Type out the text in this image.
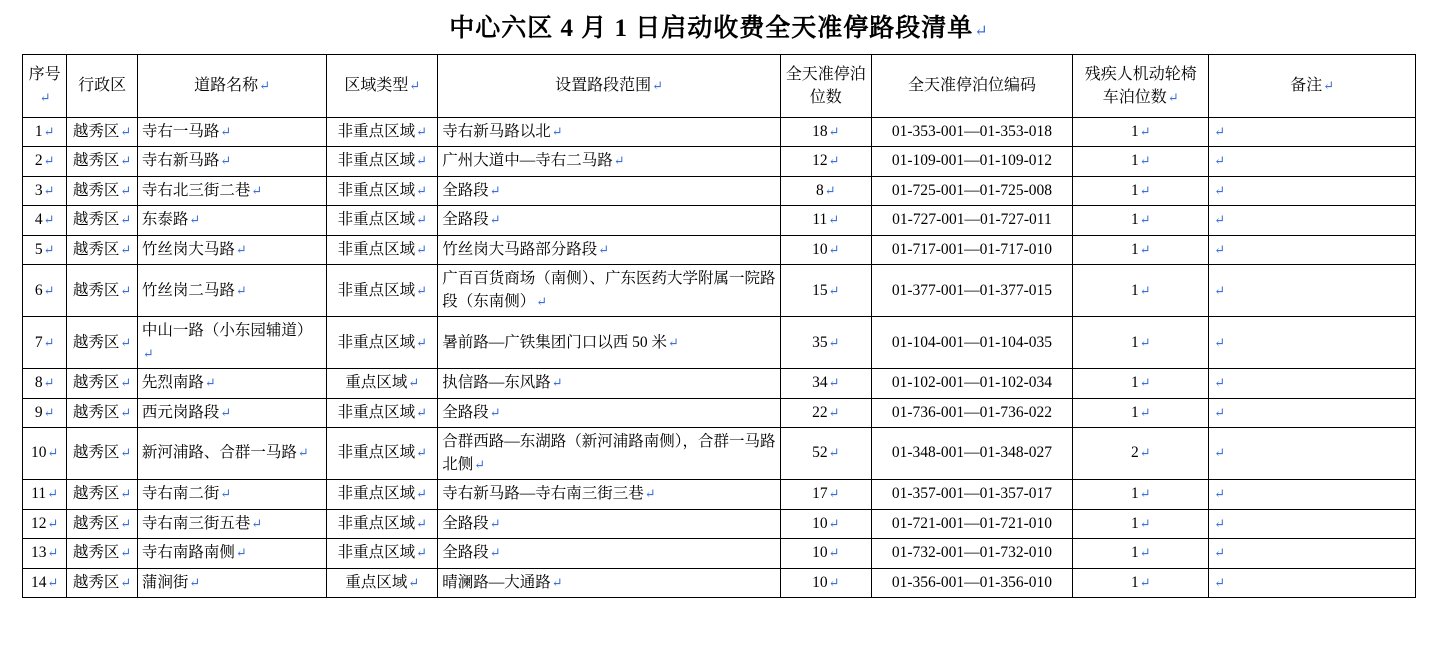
中心六区 4 月 1 日启动收费全天准停路段清单↵
序号↵	行政区	道路名称↵	区域类型↵	设置路段范围↵	全天准停泊位数	全天准停泊位编码	残疾人机动轮椅车泊位数↵	备注↵
1↵	越秀区↵	寺右一马路↵	非重点区域↵	寺右新马路以北↵	18↵	01-353-001—01-353-018	1↵	↵
2↵	越秀区↵	寺右新马路↵	非重点区域↵	广州大道中—寺右二马路↵	12↵	01-109-001—01-109-012	1↵	↵
3↵	越秀区↵	寺右北三街二巷↵	非重点区域↵	全路段↵	8↵	01-725-001—01-725-008	1↵	↵
4↵	越秀区↵	东泰路↵	非重点区域↵	全路段↵	11↵	01-727-001—01-727-011	1↵	↵
5↵	越秀区↵	竹丝岗大马路↵	非重点区域↵	竹丝岗大马路部分路段↵	10↵	01-717-001—01-717-010	1↵	↵
6↵	越秀区↵	竹丝岗二马路↵	非重点区域↵	广百百货商场（南侧）、广东医药大学附属一院路段（东南侧）↵	15↵	01-377-001—01-377-015	1↵	↵
7↵	越秀区↵	中山一路（小东园辅道）↵	非重点区域↵	暑前路—广铁集团门口以西 50 米↵	35↵	01-104-001—01-104-035	1↵	↵
8↵	越秀区↵	先烈南路↵	重点区域↵	执信路—东风路↵	34↵	01-102-001—01-102-034	1↵	↵
9↵	越秀区↵	西元岗路段↵	非重点区域↵	全路段↵	22↵	01-736-001—01-736-022	1↵	↵
10↵	越秀区↵	新河浦路、合群一马路↵	非重点区域↵	合群西路—东湖路（新河浦路南侧），合群一马路北侧↵	52↵	01-348-001—01-348-027	2↵	↵
11↵	越秀区↵	寺右南二街↵	非重点区域↵	寺右新马路—寺右南三街三巷↵	17↵	01-357-001—01-357-017	1↵	↵
12↵	越秀区↵	寺右南三街五巷↵	非重点区域↵	全路段↵	10↵	01-721-001—01-721-010	1↵	↵
13↵	越秀区↵	寺右南路南侧↵	非重点区域↵	全路段↵	10↵	01-732-001—01-732-010	1↵	↵
14↵	越秀区↵	蒲涧街↵	重点区域↵	晴澜路—大通路↵	10↵	01-356-001—01-356-010	1↵	↵
